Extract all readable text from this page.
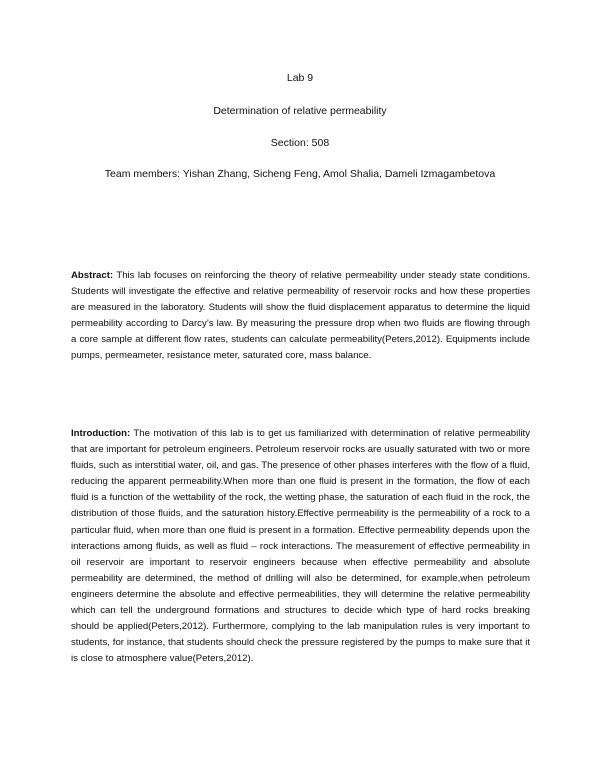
Lab 9
Determination of relative permeability
Section: 508
Team members: Yishan Zhang, Sicheng Feng, Amol Shalia, Dameli Izmagambetova

Abstract: This lab focuses on reinforcing the theory of relative permeability under steady state conditions. Students will investigate the effective and relative permeability of reservoir rocks and how these properties are measured in the laboratory. Students will show the fluid displacement apparatus to determine the liquid permeability according to Darcy’s law. By measuring the pressure drop when two fluids are flowing through a core sample at different flow rates, students can calculate permeability(Peters,2012). Equipments include pumps, permeameter, resistance meter, saturated core, mass balance.

Introduction: The motivation of this lab is to get us familiarized with determination of relative permeability that are important for petroleum engineers. Petroleum reservoir rocks are usually saturated with two or more fluids, such as interstitial water, oil, and gas. The presence of other phases interferes with the flow of a fluid, reducing the apparent permeability.When more than one fluid is present in the formation, the flow of each fluid is a function of the wettability of the rock, the wetting phase, the saturation of each fluid in the rock, the distribution of those fluids, and the saturation history.Effective permeability is the permeability of a rock to a particular fluid, when more than one fluid is present in a formation. Effective permeability depends upon the interactions among fluids, as well as fluid – rock interactions. The measurement of effective permeability in oil reservoir are important to reservoir engineers because when effective permeability and absolute permeability are determined, the method of drilling will also be determined, for example,when petroleum engineers determine the absolute and effective permeabilities, they will determine the relative permeability which can tell the underground formations and structures to decide which type of hard rocks breaking should be applied(Peters,2012). Furthermore, complying to the lab manipulation rules is very important to students, for instance, that students should check the pressure registered by the pumps to make sure that it is close to atmosphere value(Peters,2012).
